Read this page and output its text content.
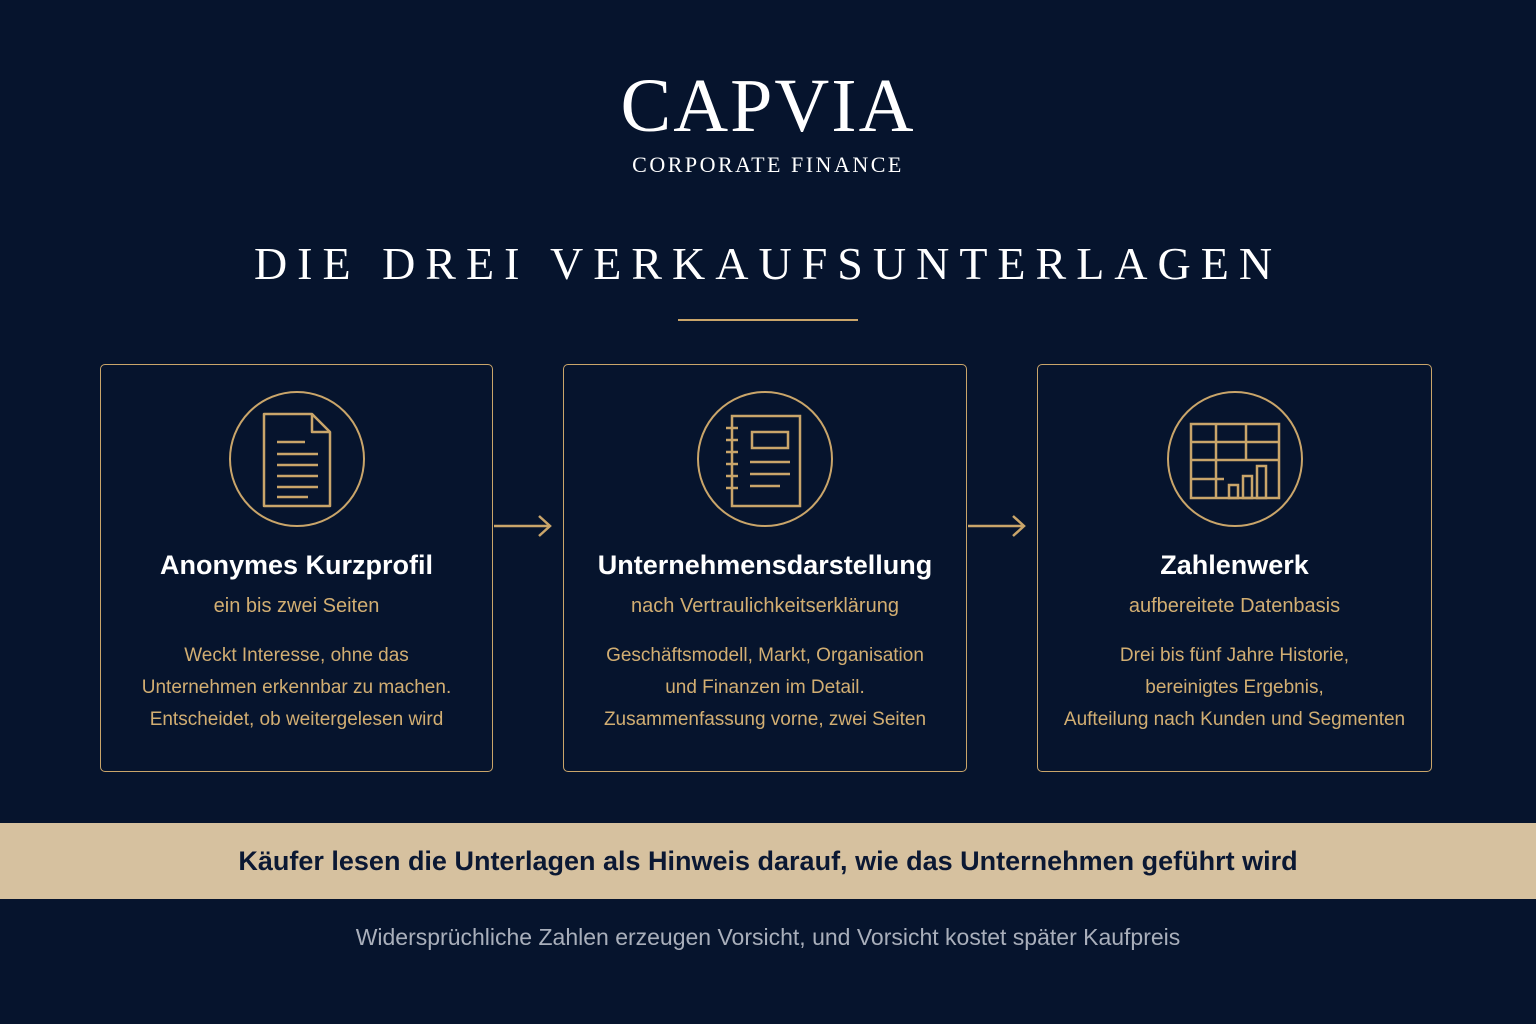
CAPVIA
CORPORATE FINANCE
DIE DREI VERKAUFSUNTERLAGEN
Anonymes Kurzprofil
ein bis zwei Seiten
Weckt Interesse, ohne das
Unternehmen erkennbar zu machen.
Entscheidet, ob weitergelesen wird
Unternehmensdarstellung
nach Vertraulichkeitserklärung
Geschäftsmodell, Markt, Organisation
und Finanzen im Detail.
Zusammenfassung vorne, zwei Seiten
Zahlenwerk
aufbereitete Datenbasis
Drei bis fünf Jahre Historie,
bereinigtes Ergebnis,
Aufteilung nach Kunden und Segmenten
Käufer lesen die Unterlagen als Hinweis darauf, wie das Unternehmen geführt wird
Widersprüchliche Zahlen erzeugen Vorsicht, und Vorsicht kostet später Kaufpreis
